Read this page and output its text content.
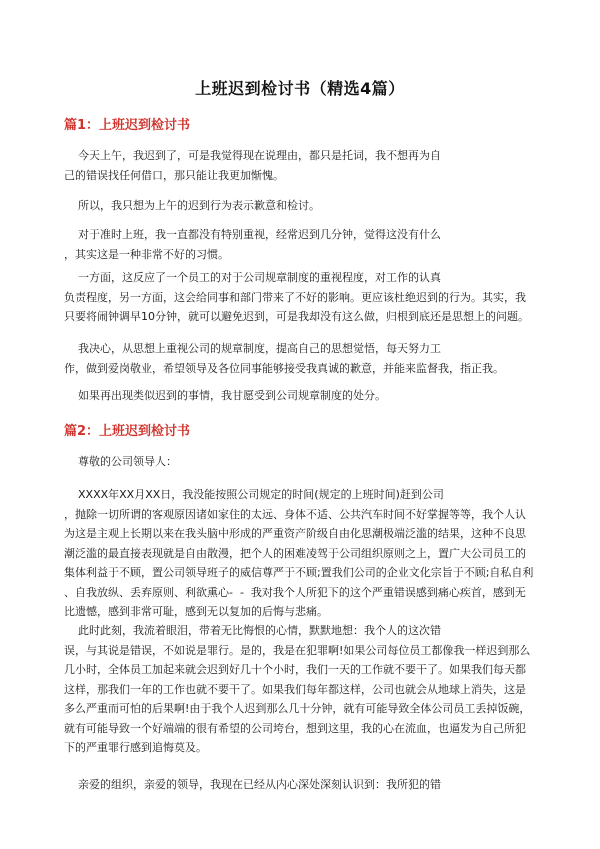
上班迟到检讨书（精选4篇）
篇1：上班迟到检讨书
今天上午，我迟到了，可是我觉得现在说理由，都只是托词，我不想再为自
己的错误找任何借口，那只能让我更加惭愧。
所以，我只想为上午的迟到行为表示歉意和检讨。
对于准时上班，我一直都没有特别重视，经常迟到几分钟，觉得这没有什么
，其实这是一种非常不好的习惯。
一方面，这反应了一个员工的对于公司规章制度的重视程度，对工作的认真
负责程度，另一方面，这会给同事和部门带来了不好的影响。更应该杜绝迟到的行为。其实，我
只要将闹钟调早10分钟，就可以避免迟到，可是我却没有这么做，归根到底还是思想上的问题。
我决心，从思想上重视公司的规章制度，提高自己的思想觉悟，每天努力工
作，做到爱岗敬业，希望领导及各位同事能够接受我真诚的歉意，并能来监督我，指正我。
如果再出现类似迟到的事情，我甘愿受到公司规章制度的处分。
篇2：上班迟到检讨书
尊敬的公司领导人：
XXXX年XX月XX日，我没能按照公司规定的时间(规定的上班时间)赶到公司
，抛除一切所谓的客观原因诸如家住的太远、身体不适、公共汽车时间不好掌握等等，我个人认
为这是主观上长期以来在我头脑中形成的严重资产阶级自由化思潮极端泛滥的结果，这种不良思
潮泛滥的最直接表现就是自由散漫，把个人的困难凌驾于公司组织原则之上，置广大公司员工的
集体利益于不顾，置公司领导班子的威信尊严于不顾;置我们公司的企业文化宗旨于不顾;自私自利
、自我放纵、丢弃原则、利欲熏心-  -  我对我个人所犯下的这个严重错误感到痛心疾首，感到无
比遗憾，感到非常可耻，感到无以复加的后悔与悲痛。
此时此刻，我流着眼泪，带着无比悔恨的心情，默默地想：我个人的这次错
误，与其说是错误，不如说是罪行。是的，我是在犯罪啊!如果公司每位员工都像我一样迟到那么
几小时，全体员工加起来就会迟到好几十个小时，我们一天的工作就不要干了。如果我们每天都
这样，那我们一年的工作也就不要干了。如果我们每年都这样，公司也就会从地球上消失，这是
多么严重而可怕的后果啊!由于我个人迟到那么几十分钟，就有可能导致全体公司员工丢掉饭碗，
就有可能导致一个好端端的很有希望的公司垮台，想到这里，我的心在流血，也逼发为自己所犯
下的严重罪行感到追悔莫及。
亲爱的组织，亲爱的领导，我现在已经从内心深处深刻认识到：我所犯的错
